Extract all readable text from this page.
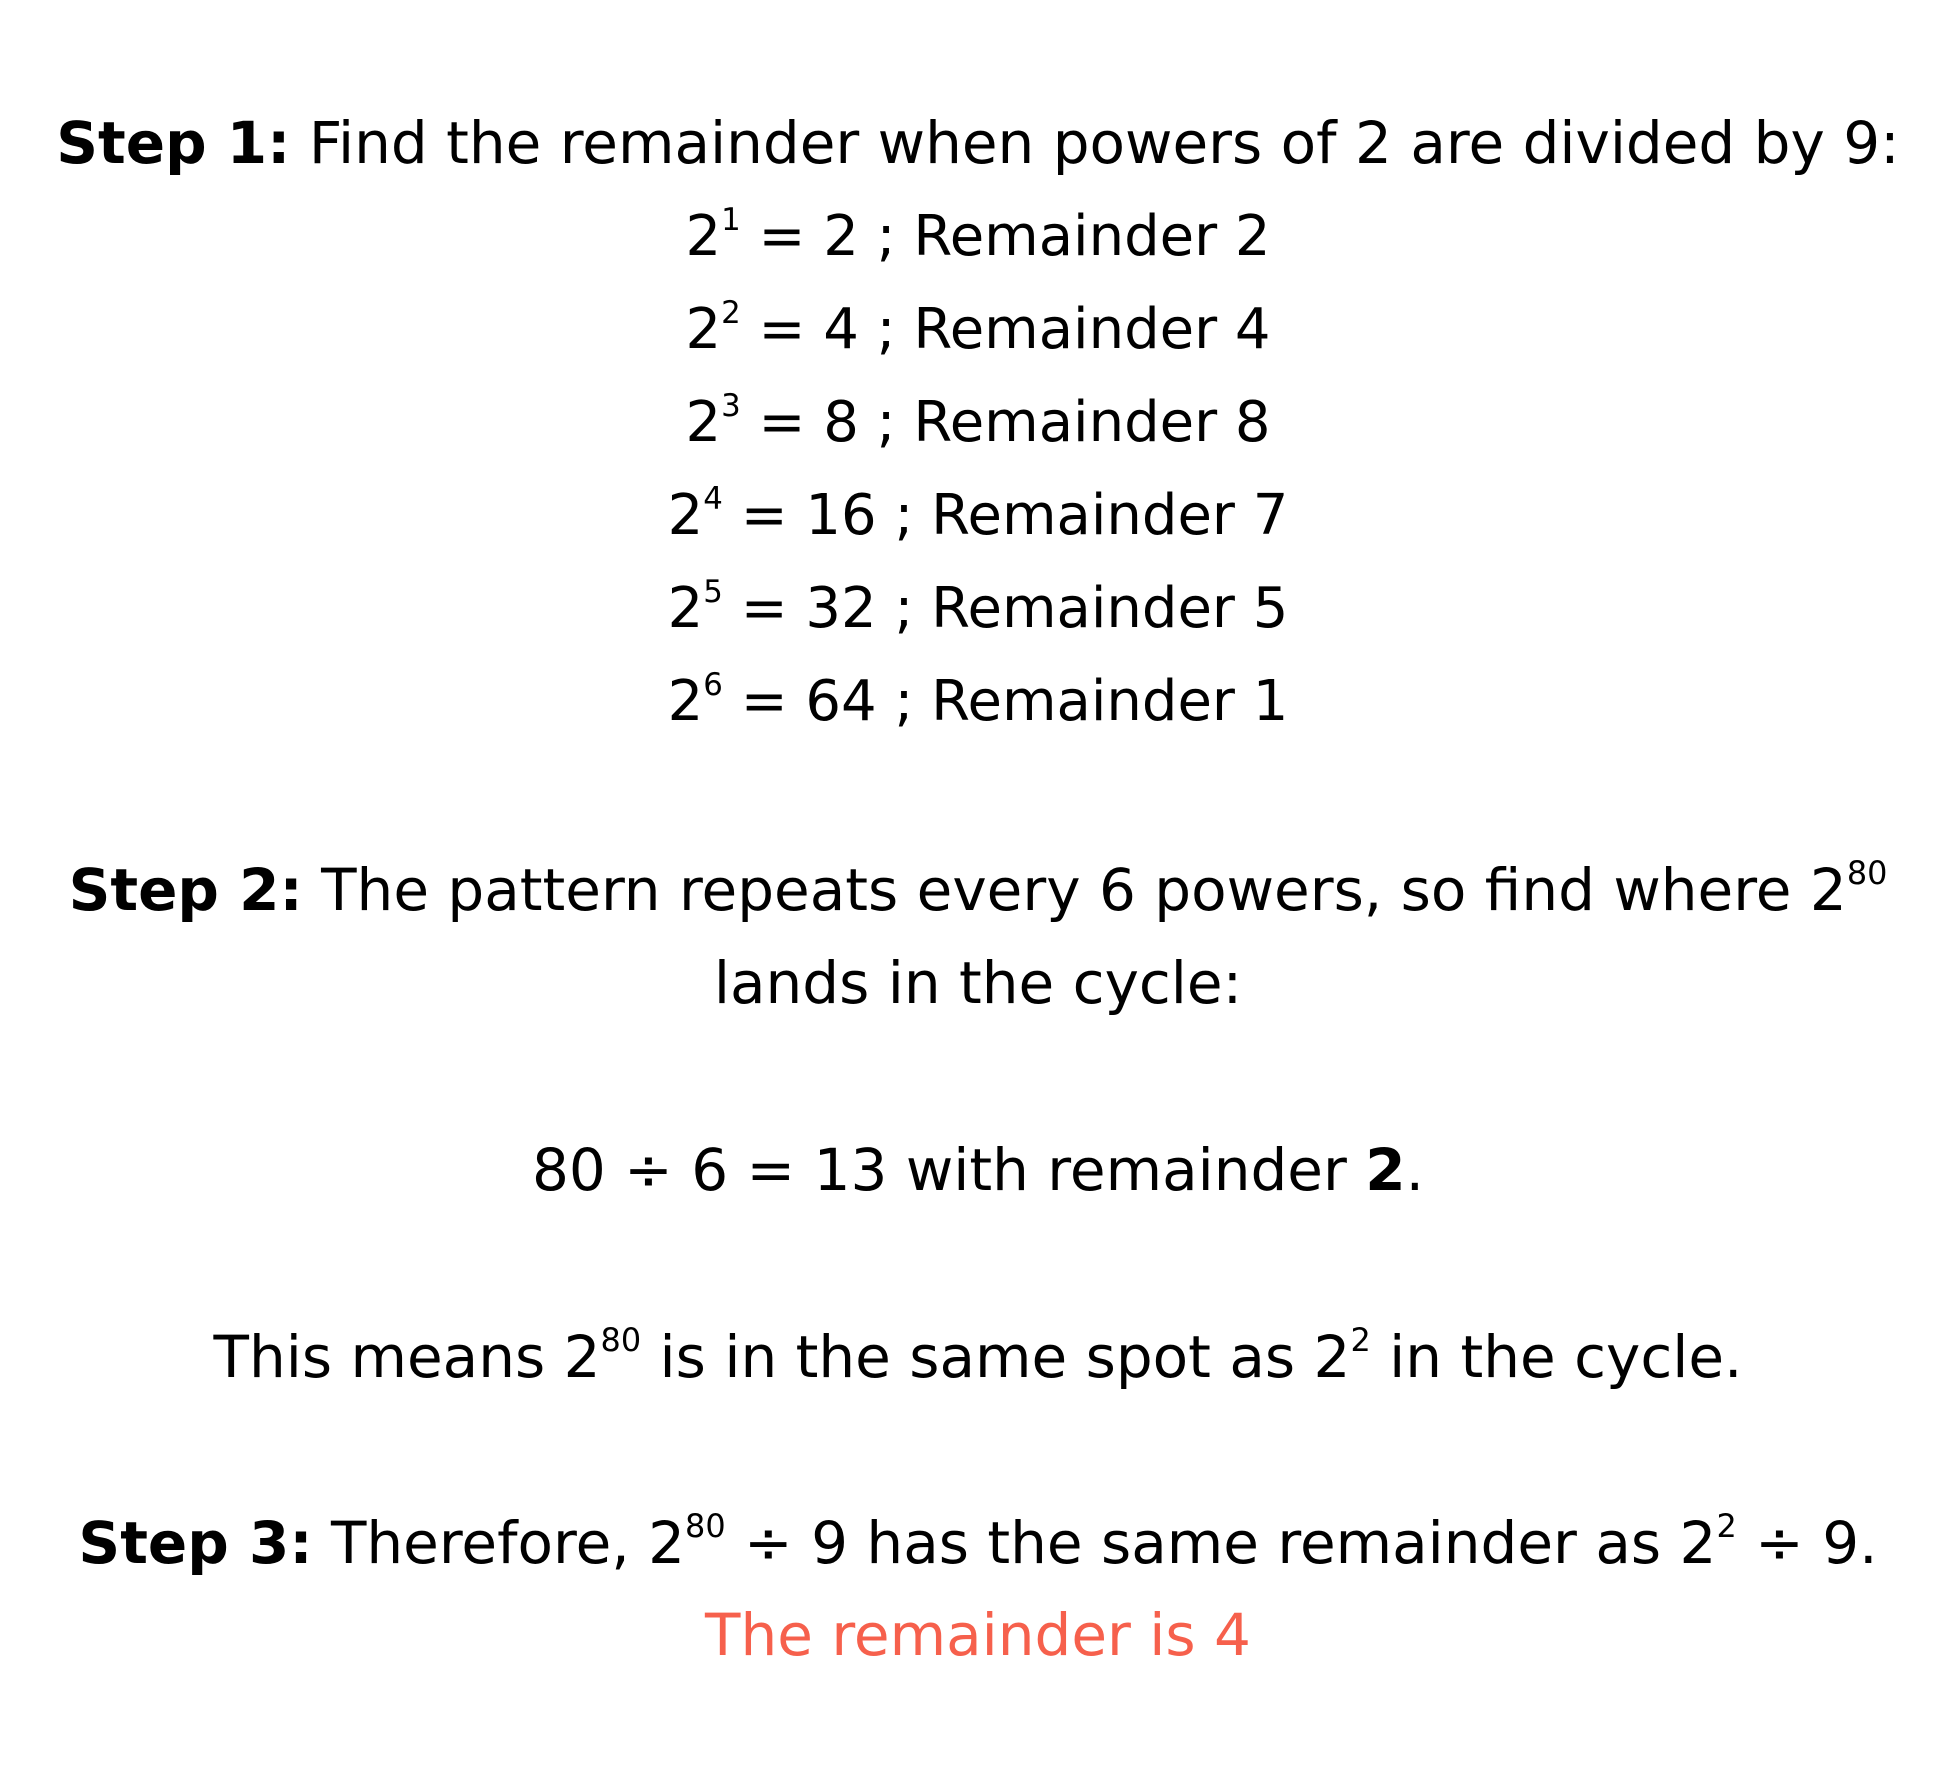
Step 1: Find the remainder when powers of 2 are divided by 9:
$2^1 = 2$ ; Remainder 2
$2^2 = 4$ ; Remainder 4
$2^3 = 8$ ; Remainder 8
$2^4 = 16$ ; Remainder 7
$2^5 = 32$ ; Remainder 5
$2^6 = 64$ ; Remainder 1
Step 2: The pattern repeats every 6 powers, so find where $2^{80}$
lands in the cycle:
80 ÷ 6 = 13 with remainder 2.
This means $2^{80}$ is in the same spot as $2^2$ in the cycle.
Step 3: Therefore, $2^{80} \div 9$ has the same remainder as $2^2 \div 9$.
The remainder is 4
